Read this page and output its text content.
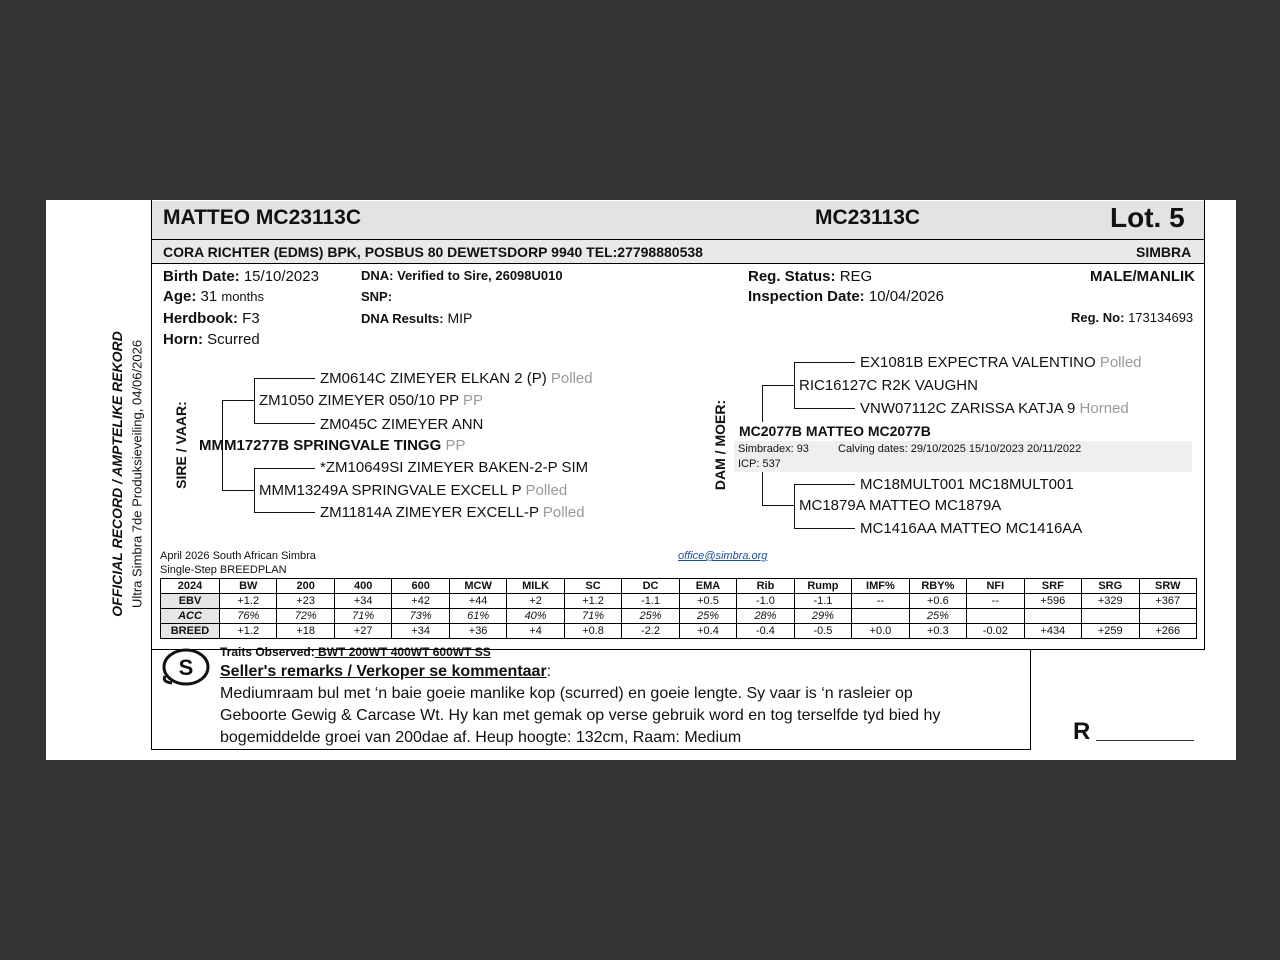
OFFICIAL RECORD / AMPTELIKE REKORD Ultra Simbra 7de Produksieveiling, 04/06/2026
MATTEO MC23113C	MC23113C	Lot. 5
CORA RICHTER (EDMS) BPK, POSBUS 80 DEWETSDORP 9940 TEL:27798880538	SIMBRA
Birth Date: 15/10/2023
Age: 31 months
Herdbook: F3
Horn: Scurred
DNA: Verified to Sire, 26098U010
SNP:
DNA Results: MIP
Reg. Status: REG
Inspection Date: 10/04/2026
MALE/MANLIK
Reg. No: 173134693
SIRE / VAAR:
ZM0614C ZIMEYER ELKAN 2 (P) Polled
ZM1050 ZIMEYER 050/10 PP PP
ZM045C ZIMEYER ANN
MMM17277B SPRINGVALE TINGG PP
*ZM10649SI ZIMEYER BAKEN-2-P SIM
MMM13249A SPRINGVALE EXCELL P Polled
ZM11814A ZIMEYER EXCELL-P Polled
DAM / MOER:
EX1081B EXPECTRA VALENTINO Polled
RIC16127C R2K VAUGHN
VNW07112C ZARISSA KATJA 9 Horned
MC2077B MATTEO MC2077B
Simbradex: 93	Calving dates: 29/10/2025 15/10/2023 20/11/2022
ICP: 537
MC18MULT001 MC18MULT001
MC1879A MATTEO MC1879A
MC1416AA MATTEO MC1416AA
April 2026 South African Simbra
Single-Step BREEDPLAN
office@simbra.org
2024	BW	200	400	600	MCW	MILK	SC	DC	EMA	Rib	Rump	IMF%	RBY%	NFI	SRF	SRG	SRW
EBV	+1.2	+23	+34	+42	+44	+2	+1.2	-1.1	+0.5	-1.0	-1.1	--	+0.6	--	+596	+329	+367
ACC	76%	72%	71%	73%	61%	40%	71%	25%	25%	28%	29%		25%				
BREED	+1.2	+18	+27	+34	+36	+4	+0.8	-2.2	+0.4	-0.4	-0.5	+0.0	+0.3	-0.02	+434	+259	+266
S
Traits Observed: BWT 200WT 400WT 600WT SS
Seller's remarks / Verkoper se kommentaar:
Mediumraam bul met ‘n baie goeie manlike kop (scurred) en goeie lengte. Sy vaar is ‘n rasleier op
Geboorte Gewig & Carcase Wt. Hy kan met gemak op verse gebruik word en tog terselfde tyd bied hy
bogemiddelde groei van 200dae af. Heup hoogte: 132cm, Raam: Medium	R
